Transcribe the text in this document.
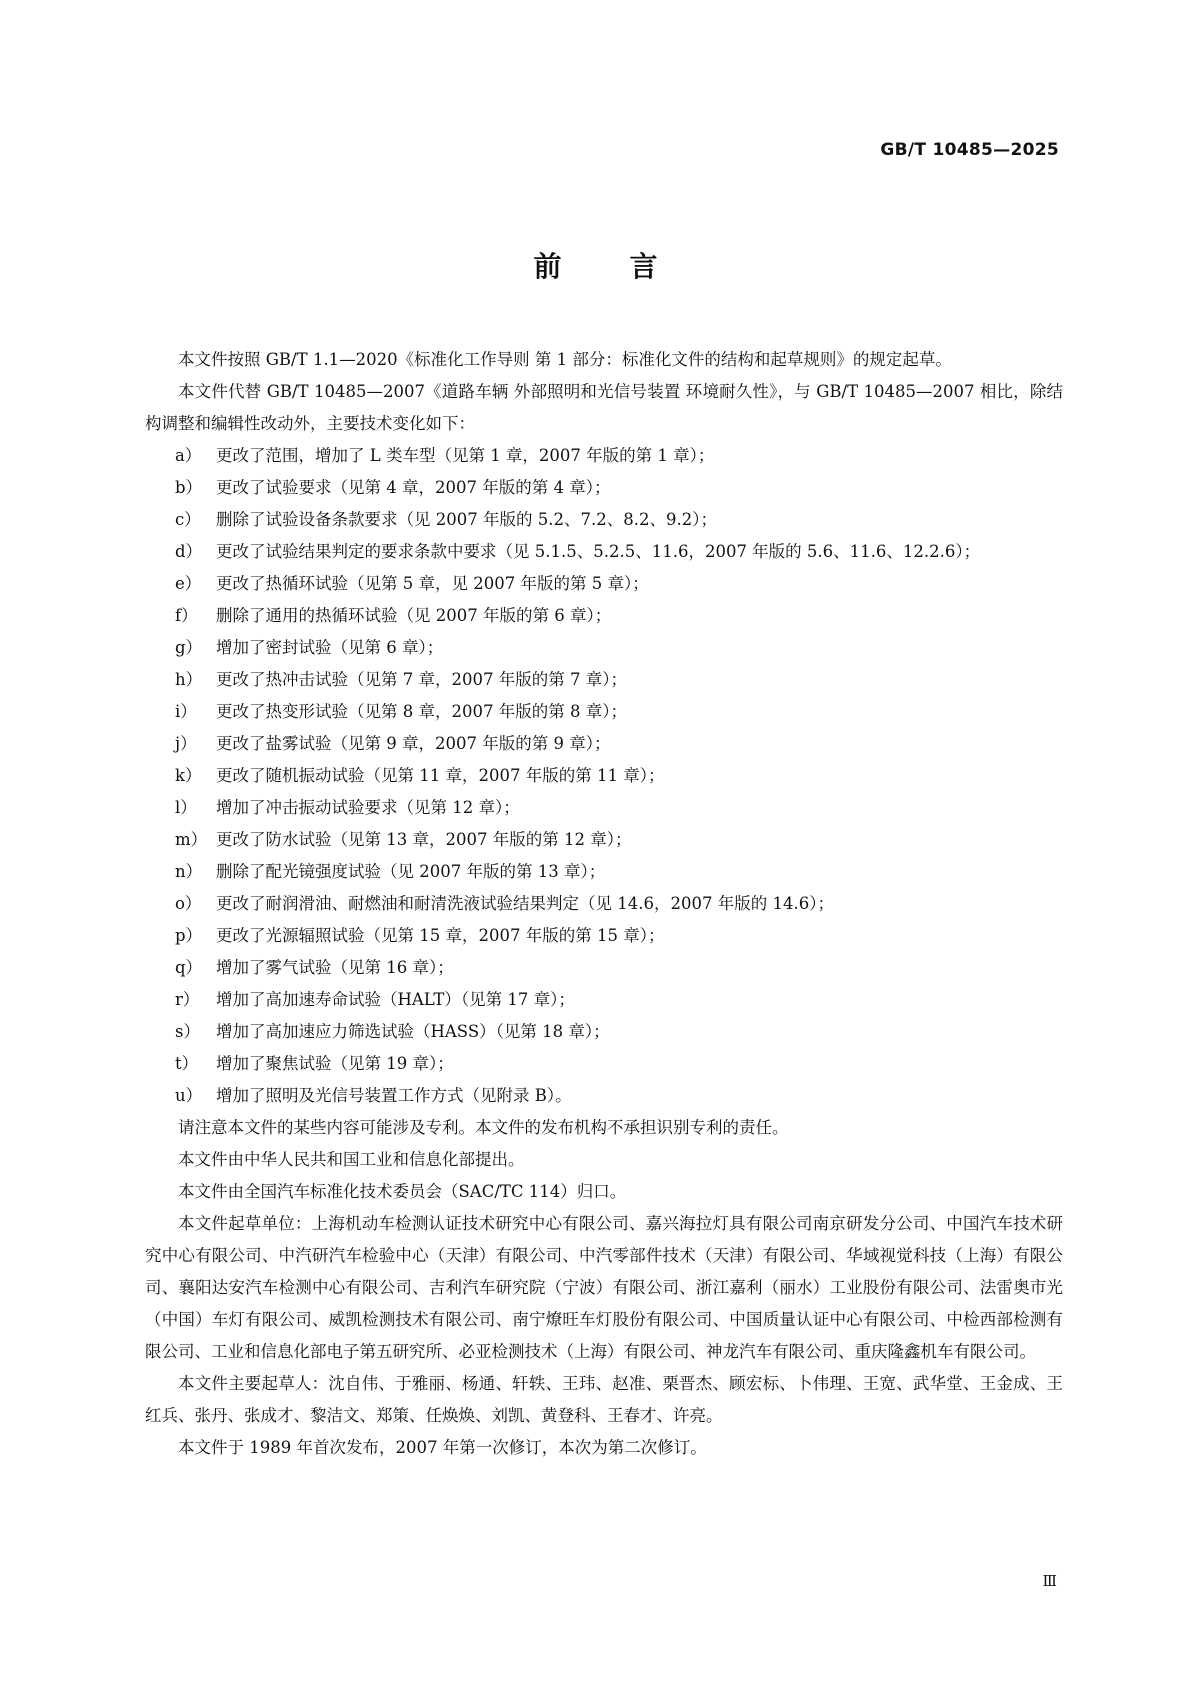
GB/T 10485—2025
前言

本文件按照 GB/T 1.1—2020《标准化工作导则 第 1 部分：标准化文件的结构和起草规则》的规定起草。

本文件代替 GB/T 10485—2007《道路车辆 外部照明和光信号装置 环境耐久性》，与 GB/T 10485—2007 相比，除结构调整和编辑性改动外，主要技术变化如下：

a） 更改了范围，增加了 L 类车型（见第 1 章，2007 年版的第 1 章）；
b） 更改了试验要求（见第 4 章，2007 年版的第 4 章）；
c） 删除了试验设备条款要求（见 2007 年版的 5.2、7.2、8.2、9.2）；
d） 更改了试验结果判定的要求条款中要求（见 5.1.5、5.2.5、11.6，2007 年版的 5.6、11.6、12.2.6）；
e） 更改了热循环试验（见第 5 章，见 2007 年版的第 5 章）；
f） 删除了通用的热循环试验（见 2007 年版的第 6 章）；
g） 增加了密封试验（见第 6 章）；
h） 更改了热冲击试验（见第 7 章，2007 年版的第 7 章）；
i） 更改了热变形试验（见第 8 章，2007 年版的第 8 章）；
j） 更改了盐雾试验（见第 9 章，2007 年版的第 9 章）；
k） 更改了随机振动试验（见第 11 章，2007 年版的第 11 章）；
l） 增加了冲击振动试验要求（见第 12 章）；
m） 更改了防水试验（见第 13 章，2007 年版的第 12 章）；
n） 删除了配光镜强度试验（见 2007 年版的第 13 章）；
o） 更改了耐润滑油、耐燃油和耐清洗液试验结果判定（见 14.6，2007 年版的 14.6）；
p） 更改了光源辐照试验（见第 15 章，2007 年版的第 15 章）；
q） 增加了雾气试验（见第 16 章）；
r） 增加了高加速寿命试验（HALT）（见第 17 章）；
s） 增加了高加速应力筛选试验（HASS）（见第 18 章）；
t） 增加了聚焦试验（见第 19 章）；
u） 增加了照明及光信号装置工作方式（见附录 B）。

请注意本文件的某些内容可能涉及专利。本文件的发布机构不承担识别专利的责任。

本文件由中华人民共和国工业和信息化部提出。

本文件由全国汽车标准化技术委员会（SAC/TC 114）归口。

本文件起草单位：上海机动车检测认证技术研究中心有限公司、嘉兴海拉灯具有限公司南京研发分公司、中国汽车技术研究中心有限公司、中汽研汽车检验中心（天津）有限公司、中汽零部件技术（天津）有限公司、华域视觉科技（上海）有限公司、襄阳达安汽车检测中心有限公司、吉利汽车研究院（宁波）有限公司、浙江嘉利（丽水）工业股份有限公司、法雷奥市光（中国）车灯有限公司、威凯检测技术有限公司、南宁燎旺车灯股份有限公司、中国质量认证中心有限公司、中检西部检测有限公司、工业和信息化部电子第五研究所、必亚检测技术（上海）有限公司、神龙汽车有限公司、重庆隆鑫机车有限公司。

本文件主要起草人：沈自伟、于雅丽、杨通、轩轶、王玮、赵准、栗晋杰、顾宏标、卜伟理、王宽、武华堂、王金成、王红兵、张丹、张成才、黎洁文、郑策、任焕焕、刘凯、黄登科、王春才、许亮。

本文件于 1989 年首次发布，2007 年第一次修订，本次为第二次修订。

Ⅲ
